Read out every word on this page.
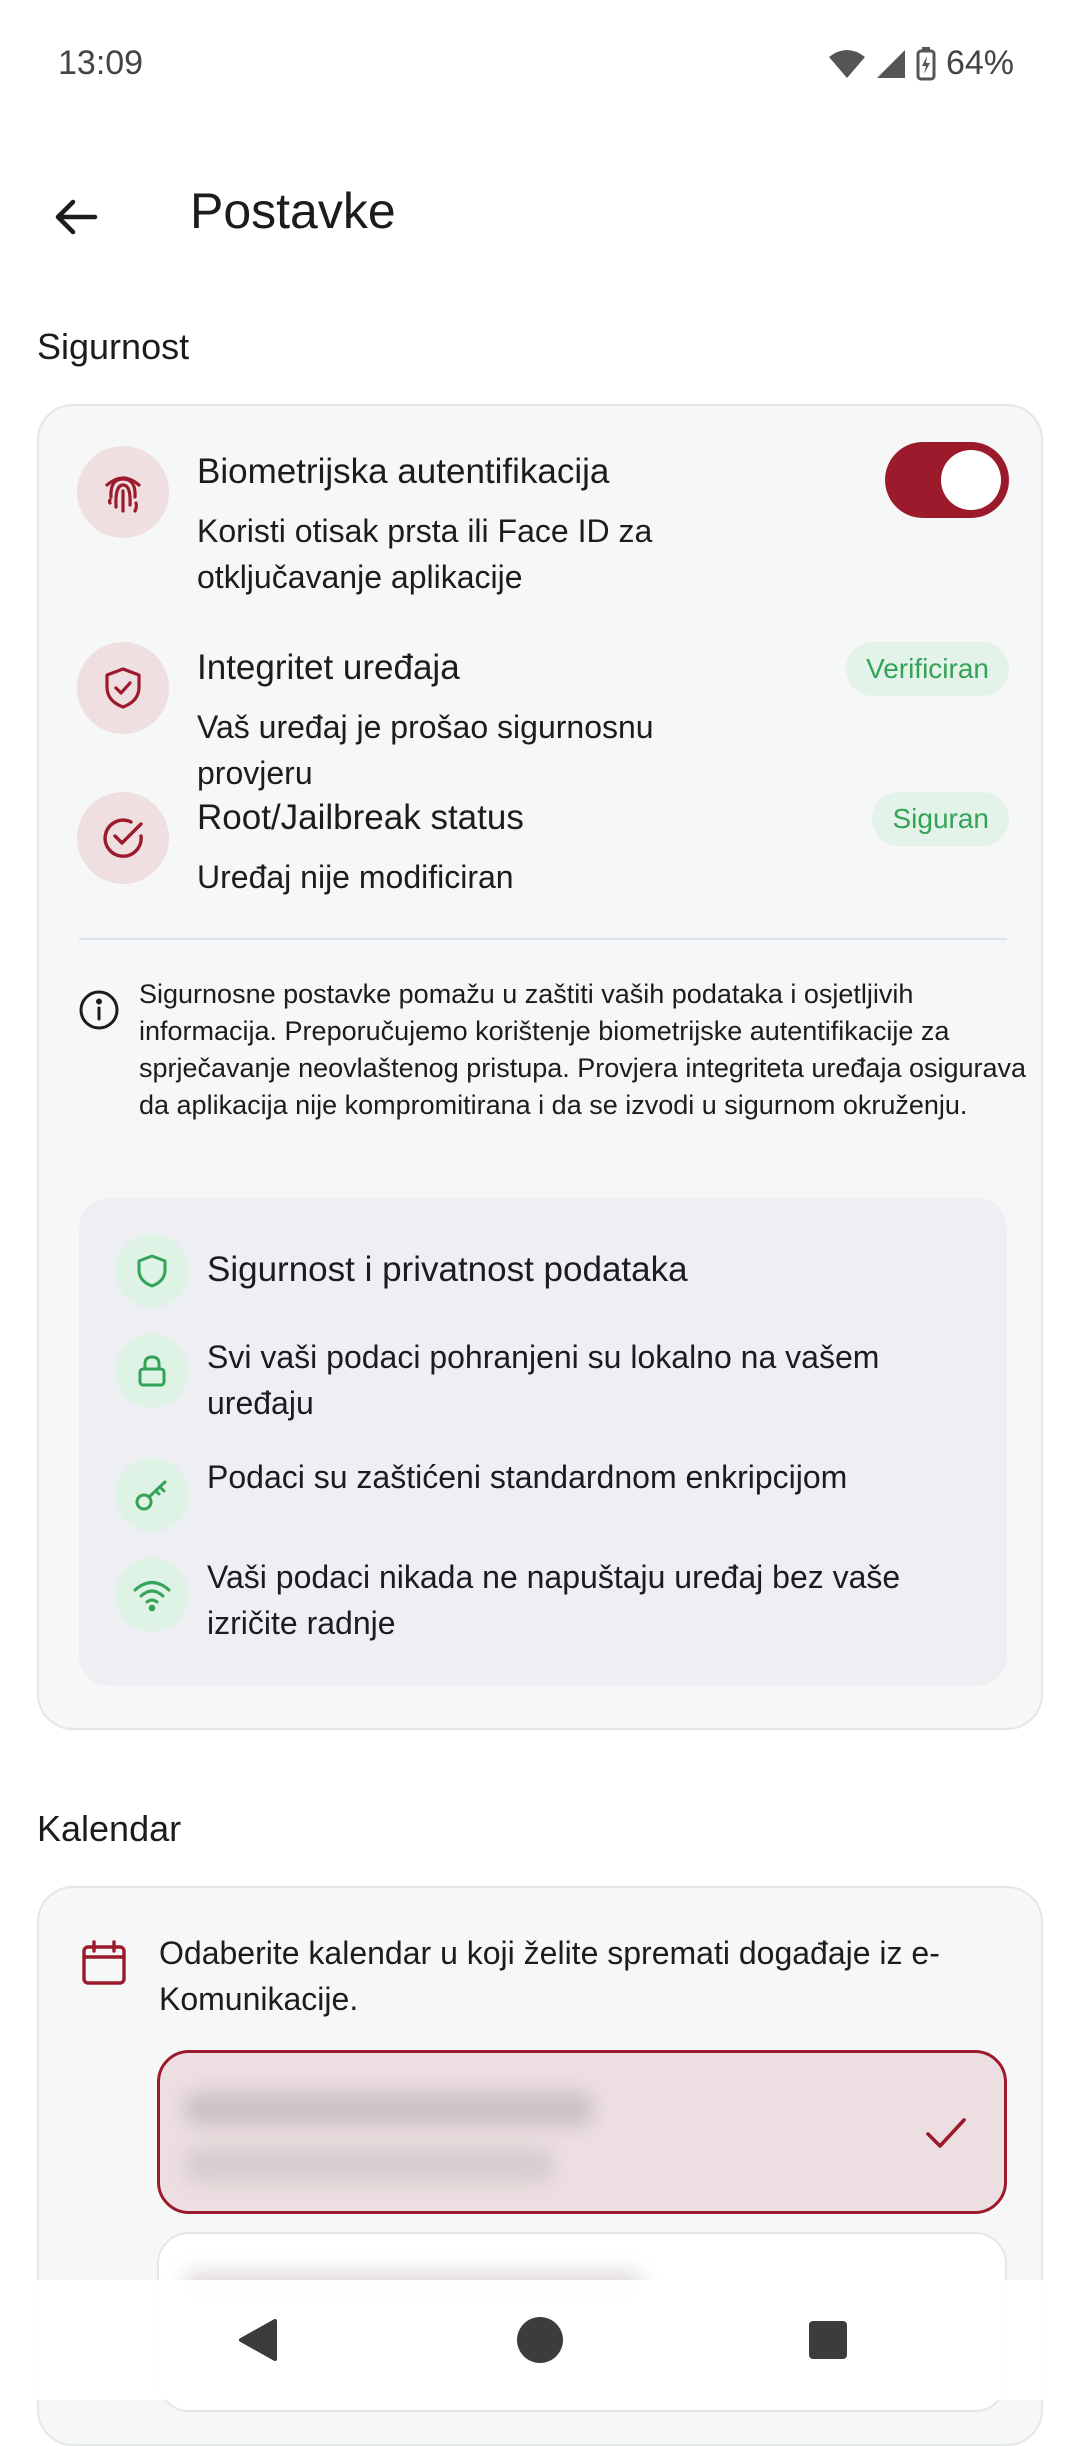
13:09	64%
Postavke
Sigurnost
Biometrijska autentifikacija
Koristi otisak prsta ili Face ID za otključavanje aplikacije
Integritet uređaja
Vaš uređaj je prošao sigurnosnu provjeru
Verificiran
Root/Jailbreak status
Uređaj nije modificiran
Siguran
Sigurnosne postavke pomažu u zaštiti vaših podataka i osjetljivih informacija. Preporučujemo korištenje biometrijske autentifikacije za sprječavanje neovlaštenog pristupa. Provjera integriteta uređaja osigurava da aplikacija nije kompromitirana i da se izvodi u sigurnom okruženju.
Sigurnost i privatnost podataka
Svi vaši podaci pohranjeni su lokalno na vašem uređaju
Podaci su zaštićeni standardnom enkripcijom
Vaši podaci nikada ne napuštaju uređaj bez vaše izričite radnje
Kalendar
Odaberite kalendar u koji želite spremati događaje iz e-Komunikacije.
